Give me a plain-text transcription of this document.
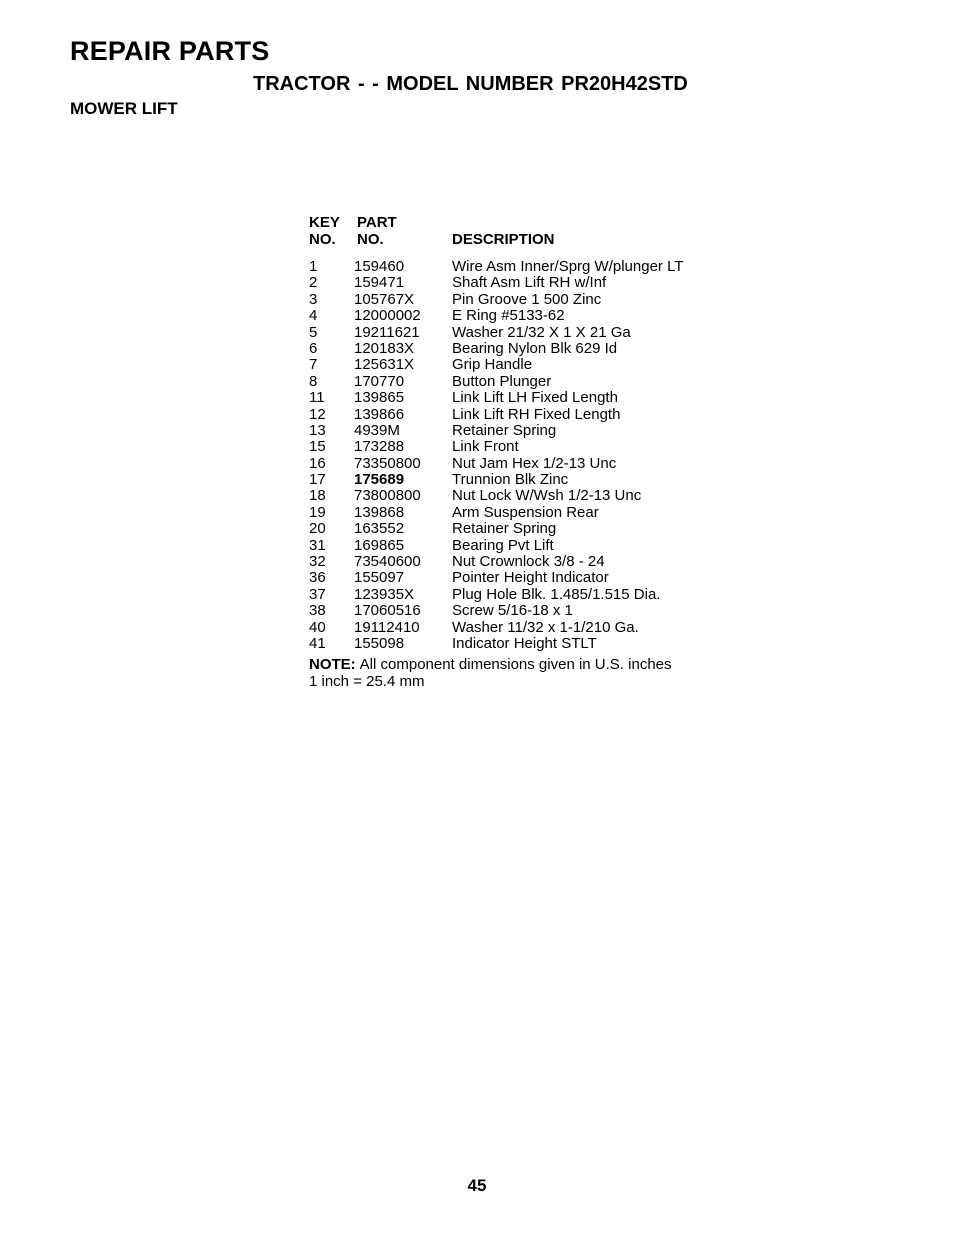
REPAIR PARTS
TRACTOR - - MODEL NUMBER PR20H42STD
MOWER LIFT
KEY
NO.
PART
NO.	DESCRIPTION
1 159460	Wire Asm Inner/Sprg W/plunger LT
2 159471	Shaft Asm Lift RH w/Inf
3 105767X	Pin Groove 1 500 Zinc
4 12000002 E Ring #5133-62
5 19211621 Washer 21/32 X 1 X 21 Ga
6 120183X	Bearing Nylon Blk 629 Id
7 125631X	Grip Handle
8 170770	Button Plunger
11 139865	Link Lift LH Fixed Length
12 139866	Link Lift RH Fixed Length
13 4939M	Retainer Spring
15 173288	Link Front
16 73350800 Nut Jam Hex 1/2-13 Unc
17 175689	Trunnion Blk Zinc
18 73800800 Nut Lock W/Wsh 1/2-13 Unc
19 139868	Arm Suspension Rear
20 163552	Retainer Spring
31 169865	Bearing Pvt Lift
32 73540600 Nut Crownlock 3/8 - 24
36 155097	Pointer Height Indicator
37 123935X	Plug Hole Blk. 1.485/1.515 Dia.
38 17060516 Screw 5/16-18 x 1
40 19112410 Washer 11/32 x 1-1/210 Ga.
41 155098	Indicator Height STLT
NOTE: All component dimensions given in U.S. inches
1 inch = 25.4 mm
45
